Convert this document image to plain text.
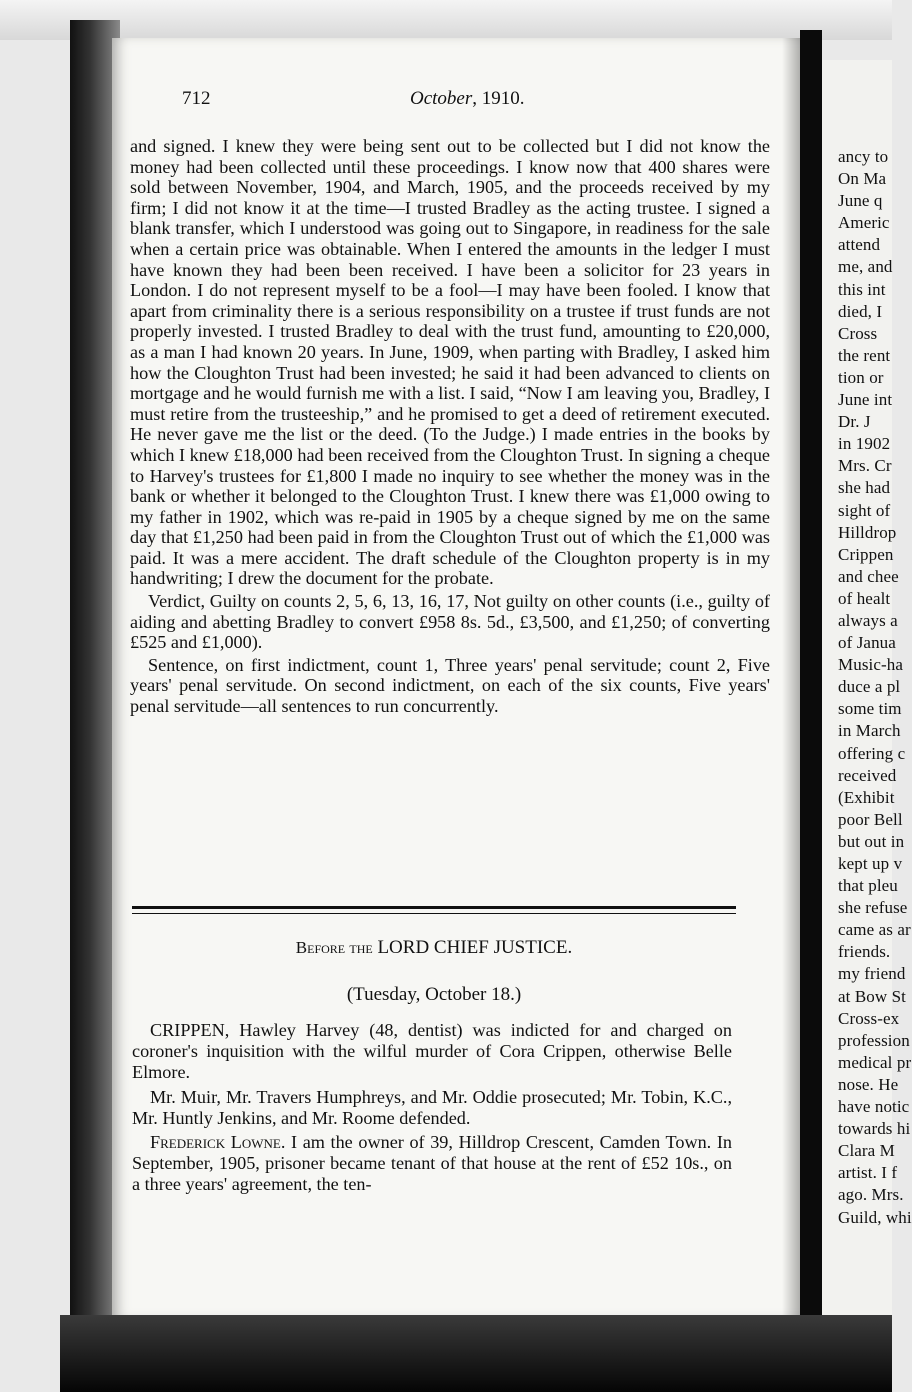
ancy to
On Ma
June q
Americ
attend
me, and
this int
died, I
Cross
the rent
tion or
June int
Dr. J
in 1902
Mrs. Cr
she had
sight of
Hilldrop
Crippen
and chee
of healt
always a
of Janua
Music-ha
duce a pl
some tim
in March
offering c
received
(Exhibit
poor Bell
but out in
kept up v
that pleu
she refuse
came as ar
friends.
my friend
at Bow St
Cross-ex
profession
medical pr
nose. He
have notic
towards hi
Clara M
artist. I f
ago. Mrs.
Guild, whi
712	October, 1910.

and signed. I knew they were being sent out to be collected but I did not know the money had been collected until these proceedings. I know now that 400 shares were sold between November, 1904, and March, 1905, and the proceeds received by my firm; I did not know it at the time—I trusted Bradley as the acting trustee. I signed a blank transfer, which I understood was going out to Singapore, in readiness for the sale when a certain price was obtainable. When I entered the amounts in the ledger I must have known they had been been received. I have been a solicitor for 23 years in London. I do not represent myself to be a fool—I may have been fooled. I know that apart from criminality there is a serious responsibility on a trustee if trust funds are not properly invested. I trusted Bradley to deal with the trust fund, amounting to £20,000, as a man I had known 20 years. In June, 1909, when parting with Bradley, I asked him how the Cloughton Trust had been invested; he said it had been advanced to clients on mortgage and he would furnish me with a list. I said, “Now I am leaving you, Bradley, I must retire from the trusteeship,” and he promised to get a deed of retirement executed. He never gave me the list or the deed. (To the Judge.) I made entries in the books by which I knew £18,000 had been received from the Cloughton Trust. In signing a cheque to Harvey's trustees for £1,800 I made no inquiry to see whether the money was in the bank or whether it belonged to the Cloughton Trust. I knew there was £1,000 owing to my father in 1902, which was re-paid in 1905 by a cheque signed by me on the same day that £1,250 had been paid in from the Cloughton Trust out of which the £1,000 was paid. It was a mere accident. The draft schedule of the Cloughton property is in my handwriting; I drew the document for the probate.

Verdict, Guilty on counts 2, 5, 6, 13, 16, 17, Not guilty on other counts (i.e., guilty of aiding and abetting Bradley to convert £958 8s. 5d., £3,500, and £1,250; of converting £525 and £1,000).

Sentence, on first indictment, count 1, Three years' penal servitude; count 2, Five years' penal servitude. On second indictment, on each of the six counts, Five years' penal servitude—all sentences to run concurrently.

Before the LORD CHIEF JUSTICE.
(Tuesday, October 18.)

CRIPPEN, Hawley Harvey (48, dentist) was indicted for and charged on coroner's inquisition with the wilful murder of Cora Crippen, otherwise Belle Elmore.

Mr. Muir, Mr. Travers Humphreys, and Mr. Oddie prosecuted; Mr. Tobin, K.C., Mr. Huntly Jenkins, and Mr. Roome defended.

Frederick Lowne. I am the owner of 39, Hilldrop Crescent, Camden Town. In September, 1905, prisoner became tenant of that house at the rent of £52 10s., on a three years' agreement, the ten-
